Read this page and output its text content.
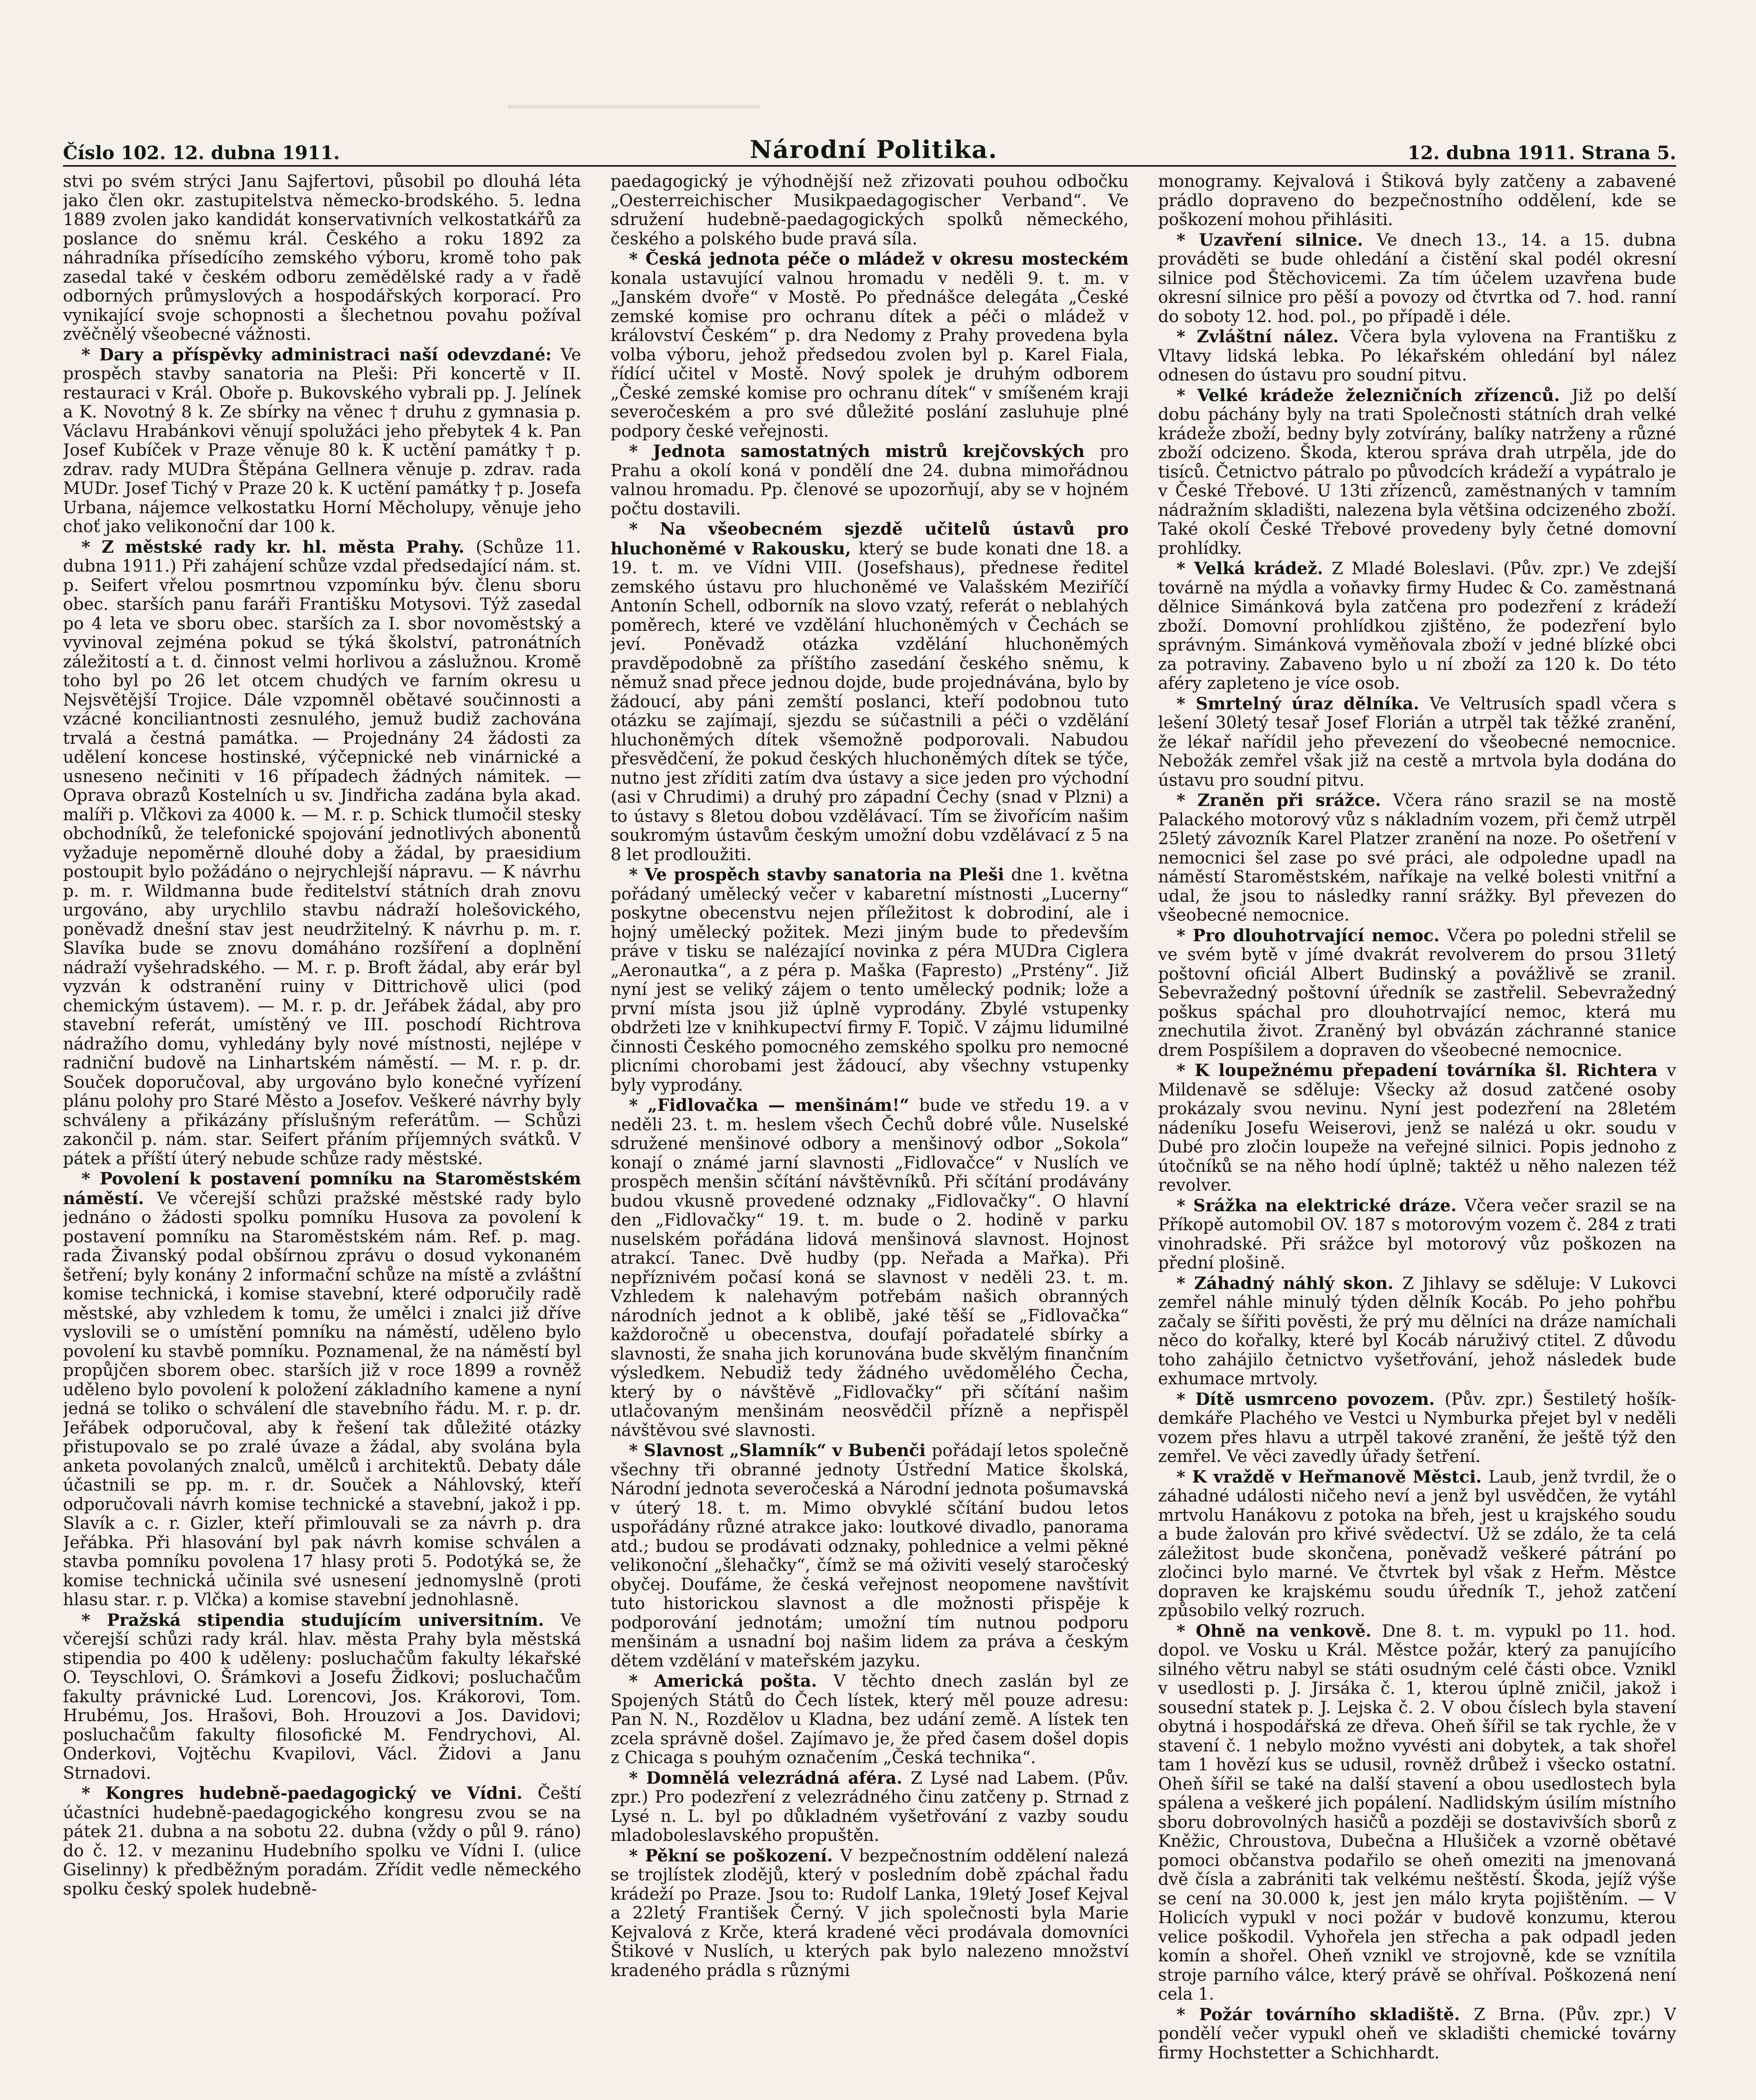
Číslo 102. 12. dubna 1911.	Národní Politika.	12. dubna 1911. Strana 5.

stvi po svém strýci Janu Sajfertovi, působil po dlouhá léta jako člen okr. zastupitelstva německo-brodského. 5. ledna 1889 zvolen jako kandidát konservativních velkostatkářů za poslance do sněmu král. Českého a roku 1892 za náhradníka přísedícího zemského výboru, kromě toho pak zasedal také v českém odboru zemědělské rady a v řadě odborných průmyslových a hospodářských korporací. Pro vynikající svoje schopnosti a šlechetnou povahu požíval zvěčnělý všeobecné vážnosti.

* Dary a příspěvky administraci naší odevzdané: Ve prospěch stavby sanatoria na Pleši: Při koncertě v II. restauraci v Král. Oboře p. Bukovského vybrali pp. J. Jelínek a K. Novotný 8 k. Ze sbírky na věnec † druhu z gymnasia p. Václavu Hrabánkovi věnují spolužáci jeho přebytek 4 k. Pan Josef Kubíček v Praze věnuje 80 k. K uctění památky † p. zdrav. rady MUDra Štěpána Gellnera věnuje p. zdrav. rada MUDr. Josef Tichý v Praze 20 k. K uctění památky † p. Josefa Urbana, nájemce velkostatku Horní Měcholupy, věnuje jeho choť jako velikonoční dar 100 k.

* Z městské rady kr. hl. města Prahy. (Schůze 11. dubna 1911.) Při zahájení schůze vzdal předsedající nám. st. p. Seifert vřelou posmrtnou vzpomínku býv. členu sboru obec. starších panu faráři Františku Motysovi. Týž zasedal po 4 leta ve sboru obec. starších za I. sbor novoměstský a vyvinoval zejména pokud se týká školství, patronátních záležitostí a t. d. činnost velmi horlivou a záslužnou. Kromě toho byl po 26 let otcem chudých ve farním okresu u Nejsvětější Trojice. Dále vzpomněl obětavé součinnosti a vzácné konciliantnosti zesnulého, jemuž budiž zachována trvalá a čestná památka. — Projednány 24 žádosti za udělení koncese hostinské, výčepnické neb vinárnické a usneseno nečiniti v 16 případech žádných námitek. — Oprava obrazů Kostelních u sv. Jindřicha zadána byla akad. malíři p. Vlčkovi za 4000 k. — M. r. p. Schick tlumočil stesky obchodníků, že telefonické spojování jednotlivých abonentů vyžaduje nepoměrně dlouhé doby a žádal, by praesidium postoupit bylo požádáno o nejrychlejší nápravu. — K návrhu p. m. r. Wildmanna bude ředitelství státních drah znovu urgováno, aby urychlilo stavbu nádraží holešovického, poněvadž dnešní stav jest neudržitelný. K návrhu p. m. r. Slavíka bude se znovu domáháno rozšíření a doplnění nádraží vyšehradského. — M. r. p. Broft žádal, aby erár byl vyzván k odstranění ruiny v Dittrichově ulici (pod chemickým ústavem). — M. r. p. dr. Jeřábek žádal, aby pro stavební referát, umístěný ve III. poschodí Richtrova nádražího domu, vyhledány byly nové místnosti, nejlépe v radniční budově na Linhartském náměstí. — M. r. p. dr. Souček doporučoval, aby urgováno bylo konečné vyřízení plánu polohy pro Staré Město a Josefov. Veškeré návrhy byly schváleny a přikázány příslušným referátům. — Schůzi zakončil p. nám. star. Seifert přáním příjemných svátků. V pátek a příští úterý nebude schůze rady městské.

* Povolení k postavení pomníku na Staroměstském náměstí. Ve včerejší schůzi pražské městské rady bylo jednáno o žádosti spolku pomníku Husova za povolení k postavení pomníku na Staroměstském nám. Ref. p. mag. rada Živanský podal obšírnou zprávu o dosud vykonaném šetření; byly konány 2 informační schůze na místě a zvláštní komise technická, i komise stavební, které odporučily radě městské, aby vzhledem k tomu, že umělci i znalci již dříve vyslovili se o umístění pomníku na náměstí, uděleno bylo povolení ku stavbě pomníku. Poznamenal, že na náměstí byl propůjčen sborem obec. starších již v roce 1899 a rovněž uděleno bylo povolení k položení základního kamene a nyní jedná se toliko o schválení dle stavebního řádu. M. r. p. dr. Jeřábek odporučoval, aby k řešení tak důležité otázky přistupovalo se po zralé úvaze a žádal, aby svolána byla anketa povolaných znalců, umělců i architektů. Debaty dále účastnili se pp. m. r. dr. Souček a Náhlovský, kteří odporučovali návrh komise technické a stavební, jakož i pp. Slavík a c. r. Gizler, kteří přimlouvali se za návrh p. dra Jeřábka. Při hlasování byl pak návrh komise schválen a stavba pomníku povolena 17 hlasy proti 5. Podotýká se, že komise technická učinila své usnesení jednomyslně (proti hlasu star. r. p. Vlčka) a komise stavební jednohlasně.

* Pražská stipendia studujícím universitním. Ve včerejší schůzi rady král. hlav. města Prahy byla městská stipendia po 400 k uděleny: posluchačům fakulty lékařské O. Teyschlovi, O. Šrámkovi a Josefu Židkovi; posluchačům fakulty právnické Lud. Lorencovi, Jos. Krákorovi, Tom. Hrubému, Jos. Hrašovi, Boh. Hrouzovi a Jos. Davidovi; posluchačům fakulty filosofické M. Fendrychovi, Al. Onderkovi, Vojtěchu Kvapilovi, Václ. Židovi a Janu Strnadovi.

* Kongres hudebně-paedagogický ve Vídni. Čeští účastníci hudebně-paedagogického kongresu zvou se na pátek 21. dubna a na sobotu 22. dubna (vždy o půl 9. ráno) do č. 12. v mezaninu Hudebního spolku ve Vídni I. (ulice Giselinny) k předběžným poradám. Zřídit vedle německého spolku český spolek hudebně-

paedagogický je výhodnější než zřizovati pouhou odbočku „Oesterreichischer Musikpaedagogischer Verband“. Ve sdružení hudebně-paedagogických spolků německého, českého a polského bude pravá síla.

* Česká jednota péče o mládež v okresu mosteckém konala ustavující valnou hromadu v neděli 9. t. m. v „Janském dvoře“ v Mostě. Po přednášce delegáta „České zemské komise pro ochranu dítek a péči o mládež v království Českém“ p. dra Nedomy z Prahy provedena byla volba výboru, jehož předsedou zvolen byl p. Karel Fiala, řídící učitel v Mostě. Nový spolek je druhým odborem „České zemské komise pro ochranu dítek“ v smíšeném kraji severočeském a pro své důležité poslání zasluhuje plné podpory české veřejnosti.

* Jednota samostatných mistrů krejčovských pro Prahu a okolí koná v pondělí dne 24. dubna mimořádnou valnou hromadu. Pp. členové se upozorňují, aby se v hojném počtu dostavili.

* Na všeobecném sjezdě učitelů ústavů pro hluchoněmé v Rakousku, který se bude konati dne 18. a 19. t. m. ve Vídni VIII. (Josefshaus), přednese ředitel zemského ústavu pro hluchoněmé ve Valašském Meziříčí Antonín Schell, odborník na slovo vzatý, referát o neblahých poměrech, které ve vzdělání hluchoněmých v Čechách se jeví. Poněvadž otázka vzdělání hluchoněmých pravděpodobně za příštího zasedání českého sněmu, k němuž snad přece jednou dojde, bude projednávána, bylo by žádoucí, aby páni zemští poslanci, kteří podobnou tuto otázku se zajímají, sjezdu se súčastnili a péči o vzdělání hluchoněmých dítek všemožně podporovali. Nabudou přesvědčení, že pokud českých hluchoněmých dítek se týče, nutno jest zříditi zatím dva ústavy a sice jeden pro východní (asi v Chrudimi) a druhý pro západní Čechy (snad v Plzni) a to ústavy s 8letou dobou vzdělávací. Tím se živořícím našim soukromým ústavům českým umožní dobu vzdělávací z 5 na 8 let prodloužiti.

* Ve prospěch stavby sanatoria na Pleši dne 1. května pořádaný umělecký večer v kabaretní místnosti „Lucerny“ poskytne obecenstvu nejen příležitost k dobrodiní, ale i hojný umělecký požitek. Mezi jiným bude to především práve v tisku se nalézající novinka z péra MUDra Ciglera „Aeronautka“, a z péra p. Maška (Fapresto) „Prstény“. Již nyní jest se veliký zájem o tento umělecký podnik; lože a první místa jsou již úplně vyprodány. Zbylé vstupenky obdržeti lze v knihkupectví firmy F. Topič. V zájmu lidumilné činnosti Českého pomocného zemského spolku pro nemocné plicními chorobami jest žádoucí, aby všechny vstupenky byly vyprodány.

* „Fidlovačka — menšinám!“ bude ve středu 19. a v neděli 23. t. m. heslem všech Čechů dobré vůle. Nuselské sdružené menšinové odbory a menšinový odbor „Sokola“ konají o známé jarní slavnosti „Fidlovačce“ v Nuslích ve prospěch menšin sčítání návštěvníků. Při sčítání prodávány budou vkusně provedené odznaky „Fidlovačky“. O hlavní den „Fidlovačky“ 19. t. m. bude o 2. hodině v parku nuselském pořádána lidová menšinová slavnost. Hojnost atrakcí. Tanec. Dvě hudby (pp. Neřada a Mařka). Při nepříznivém počasí koná se slavnost v neděli 23. t. m. Vzhledem k nalehavým potřebám našich obranných národních jednot a k oblibě, jaké těší se „Fidlovačka“ každoročně u obecenstva, doufají pořadatelé sbírky a slavnosti, že snaha jich korunována bude skvělým finančním výsledkem. Nebudiž tedy žádného uvědomělého Čecha, který by o návštěvě „Fidlovačky“ při sčítání našim utlačovaným menšinám neosvědčil přízně a nepřispěl návštěvou své slavnosti.

* Slavnost „Slamník“ v Bubenči pořádají letos společně všechny tři obranné jednoty Ústřední Matice školská, Národní jednota severočeská a Národní jednota pošumavská v úterý 18. t. m. Mimo obvyklé sčítání budou letos uspořádány různé atrakce jako: loutkové divadlo, panorama atd.; budou se prodávati odznaky, pohlednice a velmi pěkné velikonoční „šlehačky“, čímž se má oživiti veselý staročeský obyčej. Doufáme, že česká veřejnost neopomene navštívit tuto historickou slavnost a dle možnosti přispěje k podporování jednotám; umožní tím nutnou podporu menšinám a usnadní boj našim lidem za práva a českým dětem vzdělání v mateřském jazyku.

* Americká pošta. V těchto dnech zaslán byl ze Spojených Států do Čech lístek, který měl pouze adresu: Pan N. N., Rozdělov u Kladna, bez udání země. A lístek ten zcela správně došel. Zajímavo je, že před časem došel dopis z Chicaga s pouhým označením „Česká technika“.

* Domnělá velezrádná aféra. Z Lysé nad Labem. (Pův. zpr.) Pro podezření z velezrádného činu zatčeny p. Strnad z Lysé n. L. byl po důkladném vyšetřování z vazby soudu mladoboleslavského propuštěn.

* Pěkní se poškození. V bezpečnostním oddělení nalezá se trojlístek zlodějů, který v posledním době zpáchal řadu krádeží po Praze. Jsou to: Rudolf Lanka, 19letý Josef Kejval a 22letý František Černý. V jich společnosti byla Marie Kejvalová z Krče, která kradené věci prodávala domovníci Štikové v Nuslích, u kterých pak bylo nalezeno množství kradeného prádla s různými

monogramy. Kejvalová i Štiková byly zatčeny a zabavené prádlo dopraveno do bezpečnostního oddělení, kde se poškození mohou přihlásiti.

* Uzavření silnice. Ve dnech 13., 14. a 15. dubna prováděti se bude ohledání a čistění skal podél okresní silnice pod Štěchovicemi. Za tím účelem uzavřena bude okresní silnice pro pěší a povozy od čtvrtka od 7. hod. ranní do soboty 12. hod. pol., po případě i déle.

* Zvláštní nález. Včera byla vylovena na Františku z Vltavy lidská lebka. Po lékařském ohledání byl nález odnesen do ústavu pro soudní pitvu.

* Velké krádeže železničních zřízenců. Již po delší dobu páchány byly na trati Společnosti státních drah velké krádeže zboží, bedny byly zotvírány, balíky natrženy a různé zboží odcizeno. Škoda, kterou správa drah utrpěla, jde do tisíců. Četnictvo pátralo po původcích krádeží a vypátralo je v České Třebové. U 13ti zřízenců, zaměstnaných v tamním nádražním skladišti, nalezena byla většina odcizeného zboží. Také okolí České Třebové provedeny byly četné domovní prohlídky.

* Velká krádež. Z Mladé Boleslavi. (Pův. zpr.) Ve zdejší továrně na mýdla a voňavky firmy Hudec & Co. zaměstnaná dělnice Simánková byla zatčena pro podezření z krádeží zboží. Domovní prohlídkou zjištěno, že podezření bylo správným. Simánková vyměňovala zboží v jedné blízké obci za potraviny. Zabaveno bylo u ní zboží za 120 k. Do této aféry zapleteno je více osob.

* Smrtelný úraz dělníka. Ve Veltrusích spadl včera s lešení 30letý tesař Josef Florián a utrpěl tak těžké zranění, že lékař nařídil jeho převezení do všeobecné nemocnice. Nebožák zemřel však již na cestě a mrtvola byla dodána do ústavu pro soudní pitvu.

* Zraněn při srážce. Včera ráno srazil se na mostě Palackého motorový vůz s nákladním vozem, při čemž utrpěl 25letý závozník Karel Platzer zranění na noze. Po ošetření v nemocnici šel zase po své práci, ale odpoledne upadl na náměstí Staroměstském, naříkaje na velké bolesti vnitřní a udal, že jsou to následky ranní srážky. Byl převezen do všeobecné nemocnice.

* Pro dlouhotrvající nemoc. Včera po poledni střelil se ve svém bytě v jímé dvakrát revolverem do prsou 31letý poštovní oficiál Albert Budinský a povážlivě se zranil. Sebevražedný poštovní úředník se zastřelil. Sebevražedný poškus spáchal pro dlouhotrvající nemoc, která mu znechutila život. Zraněný byl obvázán záchranné stanice drem Pospíšilem a dopraven do všeobecné nemocnice.

* K loupežnému přepadení továrníka šl. Richtera v Mildenavě se sděluje: Všecky až dosud zatčené osoby prokázaly svou nevinu. Nyní jest podezření na 28letém nádeníku Josefu Weiserovi, jenž se nalézá u okr. soudu v Dubé pro zločin loupeže na veřejné silnici. Popis jednoho z útočníků se na něho hodí úplně; taktéž u něho nalezen též revolver.

* Srážka na elektrické dráze. Včera večer srazil se na Příkopě automobil OV. 187 s motorovým vozem č. 284 z trati vinohradské. Při srážce byl motorový vůz poškozen na přední plošině.

* Záhadný náhlý skon. Z Jihlavy se sděluje: V Lukovci zemřel náhle minulý týden dělník Kocáb. Po jeho pohřbu začaly se šířiti pověsti, že prý mu dělníci na dráze namíchali něco do kořalky, které byl Kocáb náruživý ctitel. Z důvodu toho zahájilo četnictvo vyšetřování, jehož následek bude exhumace mrtvoly.

* Dítě usmrceno povozem. (Pův. zpr.) Šestiletý hošík-demkáře Plachého ve Vestci u Nymburka přejet byl v neděli vozem přes hlavu a utrpěl takové zranění, že ještě týž den zemřel. Ve věci zavedly úřady šetření.

* K vraždě v Heřmanově Městci. Laub, jenž tvrdil, že o záhadné události ničeho neví a jenž byl usvědčen, že vytáhl mrtvolu Hanákovu z potoka na břeh, jest u krajského soudu a bude žalován pro křivé svědectví. Už se zdálo, že ta celá záležitost bude skončena, poněvadž veškeré pátrání po zločinci bylo marné. Ve čtvrtek byl však z Heřm. Městce dopraven ke krajskému soudu úředník T., jehož zatčení způsobilo velký rozruch.

* Ohně na venkově. Dne 8. t. m. vypukl po 11. hod. dopol. ve Vosku u Král. Městce požár, který za panujícího silného větru nabyl se státi osudným celé části obce. Vznikl v usedlosti p. J. Jirsáka č. 1, kterou úplně zničil, jakož i sousední statek p. J. Lejska č. 2. V obou číslech byla stavení obytná i hospodářská ze dřeva. Oheň šířil se tak rychle, že v stavení č. 1 nebylo možno vyvésti ani dobytek, a tak shořel tam 1 hovězí kus se udusil, rovněž drůbež i všecko ostatní. Oheň šířil se také na další stavení a obou usedlostech byla spálena a veškeré jich popálení. Nadlidským úsilím místního sboru dobrovolných hasičů a později se dostavivších sborů z Kněžic, Chroustova, Dubečna a Hlušiček a vzorně obětavé pomoci občanstva podařilo se oheň omeziti na jmenovaná dvě čísla a zabrániti tak velkému neštěstí. Škoda, jejíž výše se cení na 30.000 k, jest jen málo kryta pojištěním. — V Holicích vypukl v noci požár v budově konzumu, kterou velice poškodil. Vyhořela jen střecha a pak odpadl jeden komín a shořel. Oheň vznikl ve strojovně, kde se vznítila stroje parního válce, který právě se ohříval. Poškozená není cela 1.

* Požár továrního skladiště. Z Brna. (Pův. zpr.) V pondělí večer vypukl oheň ve skladišti chemické továrny firmy Hochstetter a Schichhardt.
